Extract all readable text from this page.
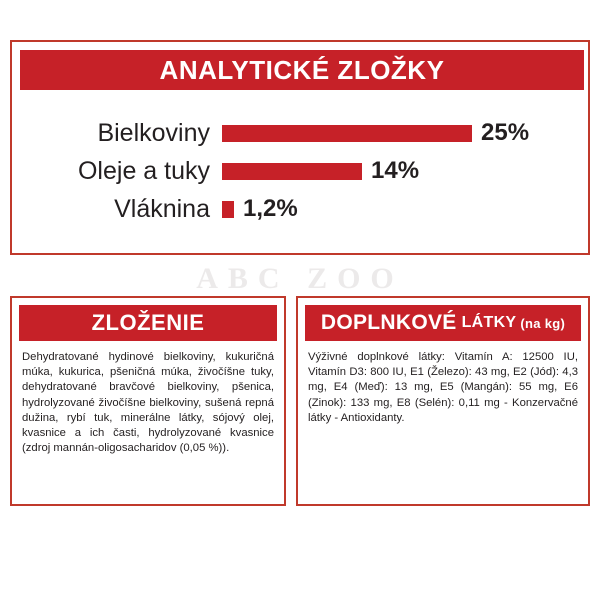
ABC ZOO
ANALYTICKÉ ZLOŽKY
Bielkoviny	25%
Oleje a tuky	14%
Vláknina	1,2%
ZLOŽENIE
Dehydratované hydinové bielkoviny, kukuričná múka, kukurica, pšeničná múka, živočíšne tuky, dehydratované bravčové bielkoviny, pšenica, hydrolyzované živočíšne bielkoviny, sušená repná dužina, rybí tuk, minerálne látky, sójový olej, kvasnice a ich časti, hydrolyzované kvasnice (zdroj mannán-oligosacharidov (0,05 %)).
DOPLNKOVÉ LÁTKY (na kg)
Výživné doplnkové látky: Vitamín A: 12500 IU, Vitamín D3: 800 IU, E1 (Železo): 43 mg, E2 (Jód): 4,3 mg, E4 (Meď): 13 mg, E5 (Mangán): 55 mg, E6 (Zinok): 133 mg, E8 (Selén): 0,11 mg - Konzervačné látky - Antioxidanty.
